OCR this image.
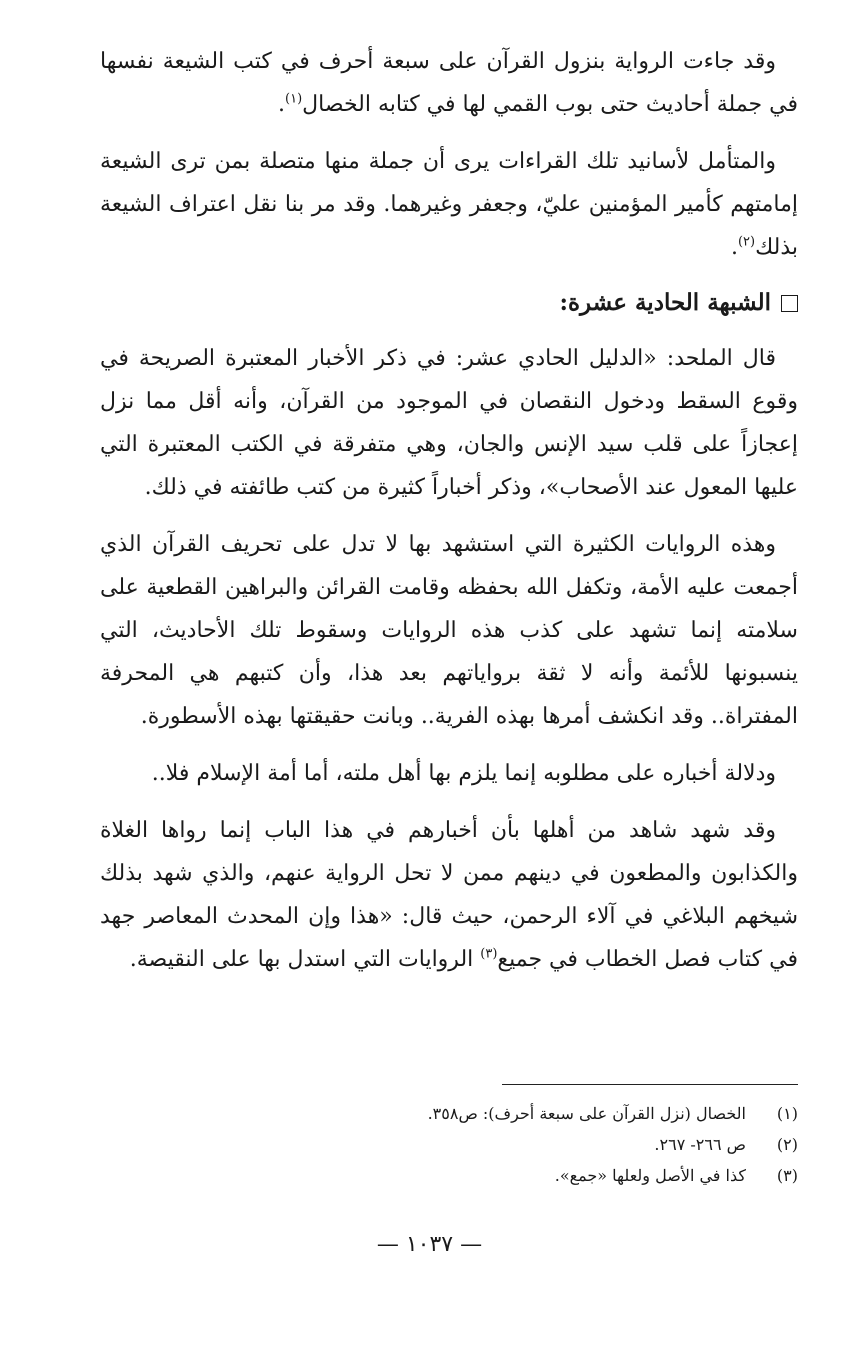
وقد جاءت الرواية بنزول القرآن على سبعة أحرف في كتب الشيعة نفسها في جملة أحاديث حتى بوب القمي لها في كتابه الخصال$^{(١)}$.

والمتأمل لأسانيد تلك القراءات يرى أن جملة منها متصلة بمن ترى الشيعة إمامتهم كأمير المؤمنين عليّ، وجعفر وغيرهما. وقد مر بنا نقل اعتراف الشيعة بذلك$^{(٢)}$.

الشبهة الحادية عشرة:

قال الملحد: «الدليل الحادي عشر: في ذكر الأخبار المعتبرة الصريحة في وقوع السقط ودخول النقصان في الموجود من القرآن، وأنه أقل مما نزل إعجازاً على قلب سيد الإنس والجان، وهي متفرقة في الكتب المعتبرة التي عليها المعول عند الأصحاب»، وذكر أخباراً كثيرة من كتب طائفته في ذلك.

وهذه الروايات الكثيرة التي استشهد بها لا تدل على تحريف القرآن الذي أجمعت عليه الأمة، وتكفل الله بحفظه وقامت القرائن والبراهين القطعية على سلامته إنما تشهد على كذب هذه الروايات وسقوط تلك الأحاديث، التي ينسبونها للأئمة وأنه لا ثقة برواياتهم بعد هذا، وأن كتبهم هي المحرفة المفتراة.. وقد انكشف أمرها بهذه الفرية.. وبانت حقيقتها بهذه الأسطورة.

ودلالة أخباره على مطلوبه إنما يلزم بها أهل ملته، أما أمة الإسلام فلا..

وقد شهد شاهد من أهلها بأن أخبارهم في هذا الباب إنما رواها الغلاة والكذابون والمطعون في دينهم ممن لا تحل الرواية عنهم، والذي شهد بذلك شيخهم البلاغي في آلاء الرحمن، حيث قال: «هذا وإن المحدث المعاصر جهد في كتاب فصل الخطاب في جميع$^{(٣)}$ الروايات التي استدل بها على النقيصة.

(١)
الخصال (نزل القرآن على سبعة أحرف): ص٣٥٨.
(٢)
ص ٢٦٦- ٢٦٧.
(٣)
كذا في الأصل ولعلها «جمع».
— ١٠٣٧ —
